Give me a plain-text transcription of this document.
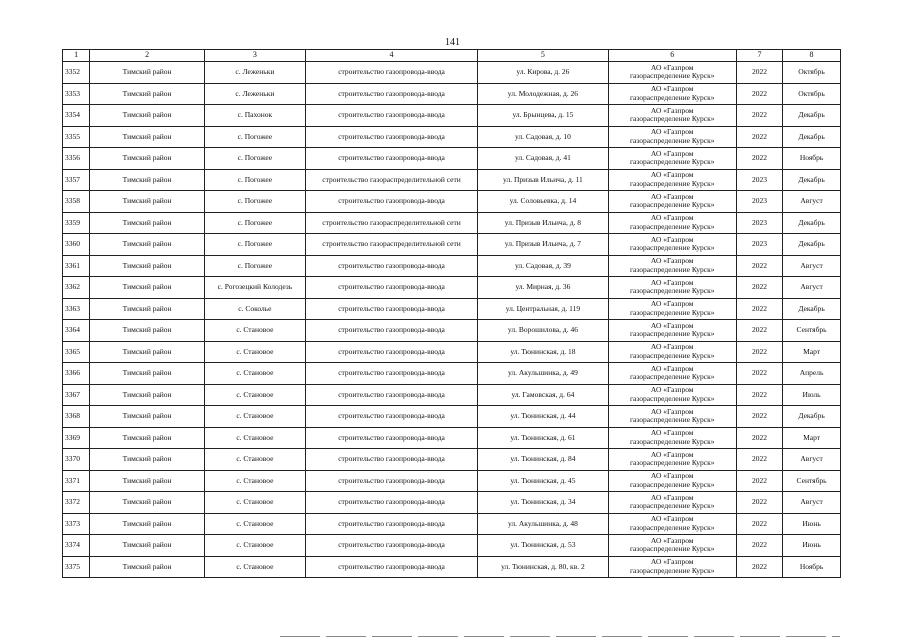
141
1	2	3	4	5	6	7	8
3352	Тимский район	с. Леженьки	строительство газопровода-ввода	ул. Кирова, д. 26	АО «Газпром
газораспределение Курск»	2022	Октябрь
3353	Тимский район	с. Леженьки	строительство газопровода-ввода	ул. Молодежная, д. 26	АО «Газпром
газораспределение Курск»	2022	Октябрь
3354	Тимский район	с. Пахонок	строительство газопровода-ввода	ул. Брынцева, д. 15	АО «Газпром
газораспределение Курск»	2022	Декабрь
3355	Тимский район	с. Погожее	строительство газопровода-ввода	ул. Садовая, д. 10	АО «Газпром
газораспределение Курск»	2022	Декабрь
3356	Тимский район	с. Погожее	строительство газопровода-ввода	ул. Садовая, д. 41	АО «Газпром
газораспределение Курск»	2022	Ноябрь
3357	Тимский район	с. Погожее	строительство газораспределительной сети	ул. Призыв Ильича, д. 11	АО «Газпром
газораспределение Курск»	2023	Декабрь
3358	Тимский район	с. Погожее	строительство газопровода-ввода	ул. Соловьевка, д. 14	АО «Газпром
газораспределение Курск»	2023	Август
3359	Тимский район	с. Погожее	строительство газораспределительной сети	ул. Призыв Ильича, д. 8	АО «Газпром
газораспределение Курск»	2023	Декабрь
3360	Тимский район	с. Погожее	строительство газораспределительной сети	ул. Призыв Ильича, д. 7	АО «Газпром
газораспределение Курск»	2023	Декабрь
3361	Тимский район	с. Погожее	строительство газопровода-ввода	ул. Садовая, д. 39	АО «Газпром
газораспределение Курск»	2022	Август
3362	Тимский район	с. Рогозецкий Колодезь	строительство газопровода-ввода	ул. Мирная, д. 36	АО «Газпром
газораспределение Курск»	2022	Август
3363	Тимский район	с. Сокольe	строительство газопровода-ввода	ул. Центральная, д. 119	АО «Газпром
газораспределение Курск»	2022	Декабрь
3364	Тимский район	с. Становое	строительство газопровода-ввода	ул. Ворошилова, д. 46	АО «Газпром
газораспределение Курск»	2022	Сентябрь
3365	Тимский район	с. Становое	строительство газопровода-ввода	ул. Тюнинская, д. 18	АО «Газпром
газораспределение Курск»	2022	Март
3366	Тимский район	с. Становое	строительство газопровода-ввода	ул. Акульшинка, д. 49	АО «Газпром
газораспределение Курск»	2022	Апрель
3367	Тимский район	с. Становое	строительство газопровода-ввода	ул. Гамовская, д. 64	АО «Газпром
газораспределение Курск»	2022	Июль
3368	Тимский район	с. Становое	строительство газопровода-ввода	ул. Тюнинская, д. 44	АО «Газпром
газораспределение Курск»	2022	Декабрь
3369	Тимский район	с. Становое	строительство газопровода-ввода	ул. Тюнинская, д. 61	АО «Газпром
газораспределение Курск»	2022	Март
3370	Тимский район	с. Становое	строительство газопровода-ввода	ул. Тюнинская, д. 84	АО «Газпром
газораспределение Курск»	2022	Август
3371	Тимский район	с. Становое	строительство газопровода-ввода	ул. Тюнинская, д. 45	АО «Газпром
газораспределение Курск»	2022	Сентябрь
3372	Тимский район	с. Становое	строительство газопровода-ввода	ул. Тюнинская, д. 34	АО «Газпром
газораспределение Курск»	2022	Август
3373	Тимский район	с. Становое	строительство газопровода-ввода	ул. Акульшинка, д. 48	АО «Газпром
газораспределение Курск»	2022	Июнь
3374	Тимский район	с. Становое	строительство газопровода-ввода	ул. Тюнинская, д. 53	АО «Газпром
газораспределение Курск»	2022	Июнь
3375	Тимский район	с. Становое	строительство газопровода-ввода	ул. Тюнинская, д. 80, кв. 2	АО «Газпром
газораспределение Курск»	2022	Ноябрь
